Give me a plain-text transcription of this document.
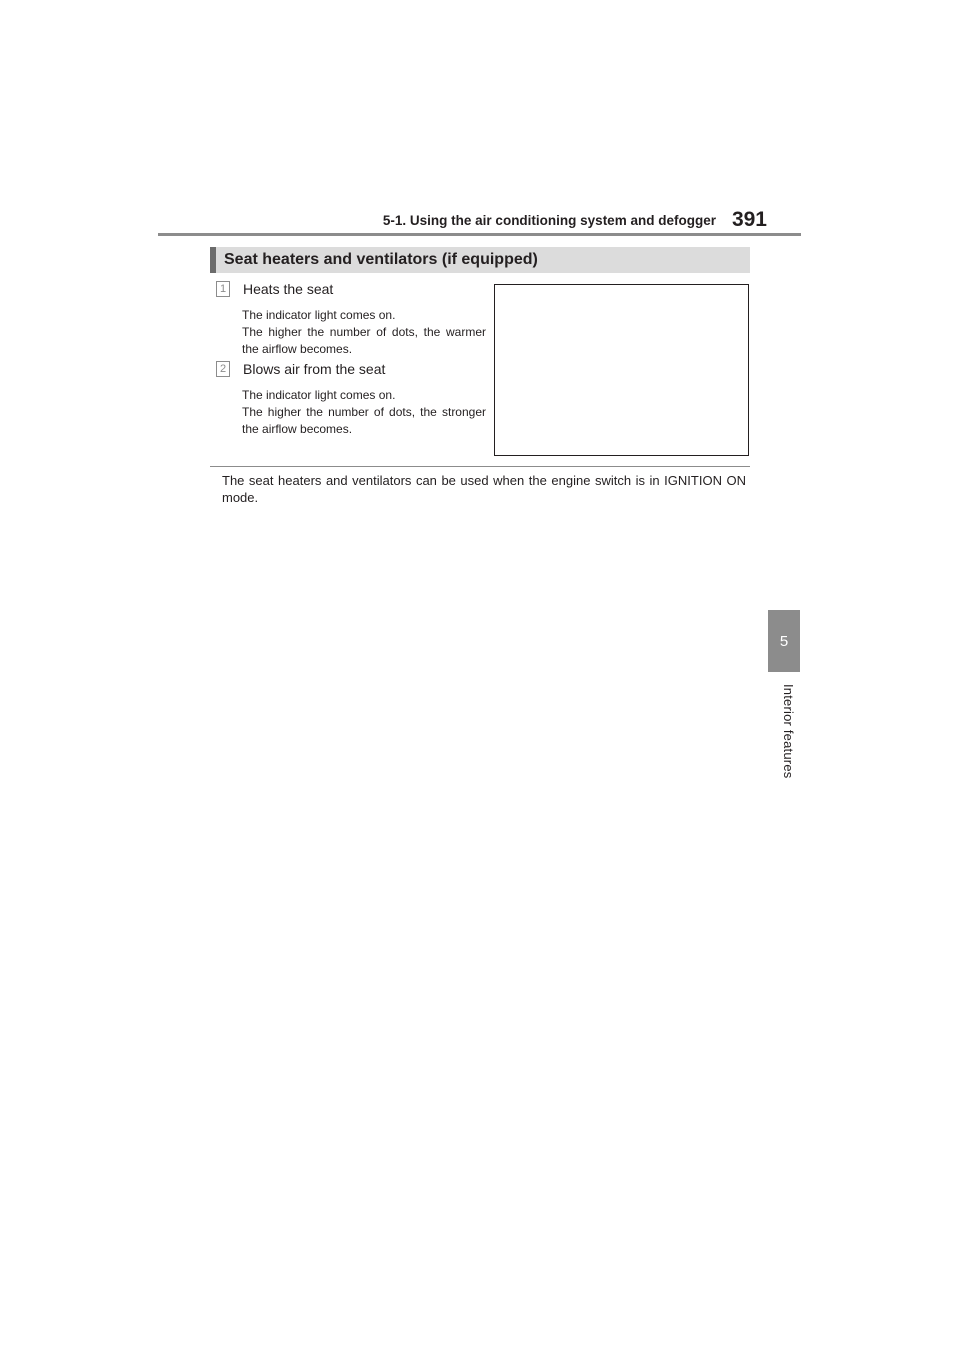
5-1. Using the air conditioning system and defogger 391
5
Interior features
Seat heaters and ventilators (if equipped)
1 Heats the seat
The indicator light comes on.
The higher the number of dots, the warmer the airflow becomes.
2 Blows air from the seat
The indicator light comes on.
The higher the number of dots, the stronger the airflow becomes.
The seat heaters and ventilators can be used when the engine switch is in IGNITION ON mode.
